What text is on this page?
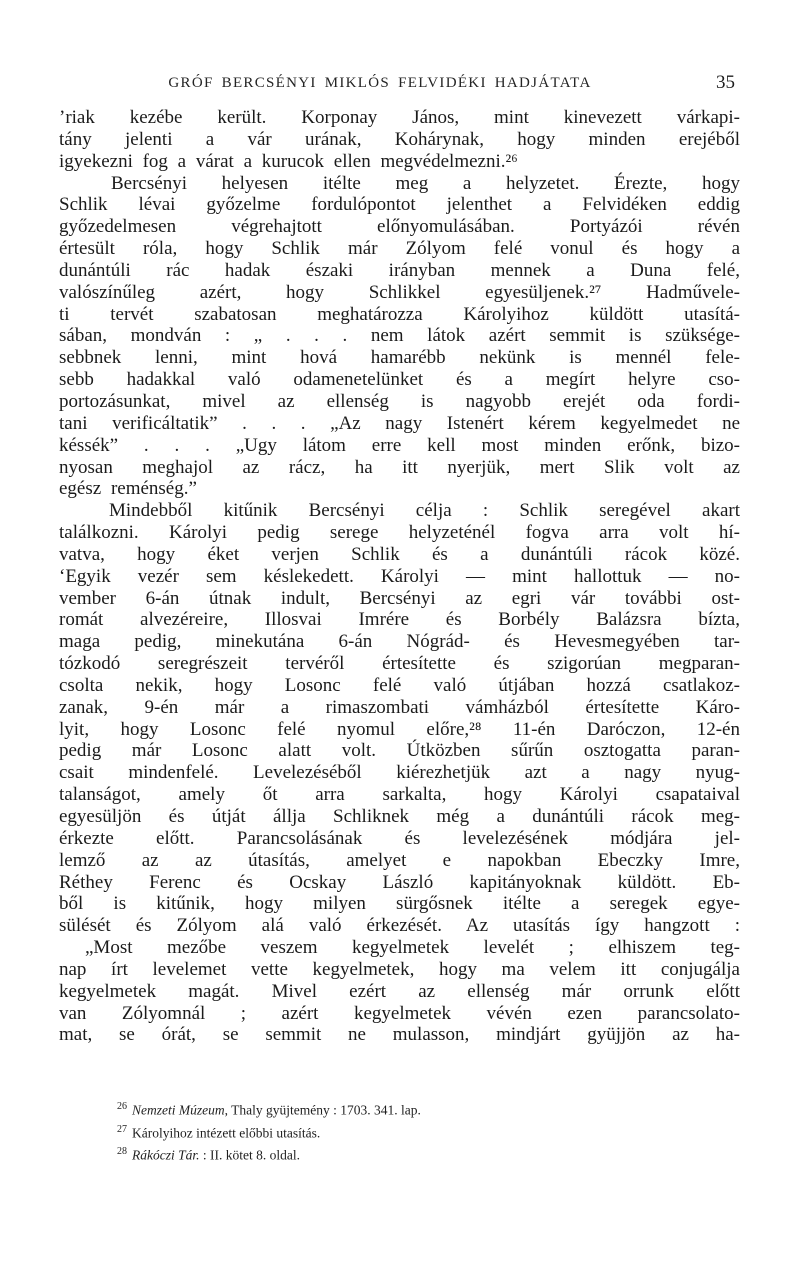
GRÓF BERCSÉNYI MIKLÓS FELVIDÉKI HADJÁTATA	35
’riak kezébe került. Korponay János, mint kinevezett várkapi-
tány jelenti a vár urának, Kohárynak, hogy minden erejéből
igyekezni fog a várat a kurucok ellen megvédelmezni.²⁶
Bercsényi helyesen itélte meg a helyzetet. Érezte, hogy
Schlik lévai győzelme fordulópontot jelenthet a Felvidéken eddig
győzedelmesen végrehajtott előnyomulásában. Portyázói révén
értesült róla, hogy Schlik már Zólyom felé vonul és hogy a
dunántúli rác hadak északi irányban mennek a Duna felé,
valószínűleg azért, hogy Schlikkel egyesüljenek.²⁷ Hadművele-
ti tervét szabatosan meghatározza Károlyihoz küldött utasítá-
sában, mondván : „ . . . nem látok azért semmit is szüksége-
sebbnek lenni, mint hová hamarébb nekünk is mennél fele-
sebb hadakkal való odamenetelünket és a megírt helyre cso-
portozásunkat, mivel az ellenség is nagyobb erejét oda fordi-
tani verificáltatik” . . . „Az nagy Istenért kérem kegyelmedet ne
késsék” . . . „Ugy látom erre kell most minden erőnk, bizo-
nyosan meghajol az rácz, ha itt nyerjük, mert Slik volt az
egész reménség.”
Mindebből kitűnik Bercsényi célja : Schlik seregével akart
találkozni. Károlyi pedig serege helyzeténél fogva arra volt hí-
vatva, hogy éket verjen Schlik és a dunántúli rácok közé.
‘Egyik vezér sem késlekedett. Károlyi — mint hallottuk — no-
vember 6-án útnak indult, Bercsényi az egri vár további ost-
romát alvezéreire, Illosvai Imrére és Borbély Balázsra bízta,
maga pedig, minekutána 6-án Nógrád- és Hevesmegyében tar-
tózkodó seregrészeit tervéről értesítette és szigorúan megparan-
csolta nekik, hogy Losonc felé való útjában hozzá csatlakoz-
zanak, 9-én már a rimaszombati vámházból értesítette Káro-
lyit, hogy Losonc felé nyomul előre,²⁸ 11-én Daróczon, 12-én
pedig már Losonc alatt volt. Útközben sűrűn osztogatta paran-
csait mindenfelé. Levelezéséből kiérezhetjük azt a nagy nyug-
talanságot, amely őt arra sarkalta, hogy Károlyi csapataival
egyesüljön és útját állja Schliknek még a dunántúli rácok meg-
érkezte előtt. Parancsolásának és levelezésének módjára jel-
lemző az az útasítás, amelyet e napokban Ebeczky Imre,
Réthey Ferenc és Ocskay László kapitányoknak küldött. Eb-
ből is kitűnik, hogy milyen sürgősnek itélte a seregek egye-
sülését és Zólyom alá való érkezését. Az utasítás így hangzott :
„Most mezőbe veszem kegyelmetek levelét ; elhiszem teg-
nap írt levelemet vette kegyelmetek, hogy ma velem itt conjugálja
kegyelmetek magát. Mivel ezért az ellenség már orrunk előtt
van Zólyomnál ; azért kegyelmetek vévén ezen parancsolato-
mat, se órát, se semmit ne mulasson, mindjárt gyüjjön az ha-
$^{26}$ Nemzeti Múzeum, Thaly gyüjtemény : 1703. 341. lap.
$^{27}$ Károlyihoz intézett előbbi utasítás.
$^{28}$ Rákóczi Tár. : II. kötet 8. oldal.
